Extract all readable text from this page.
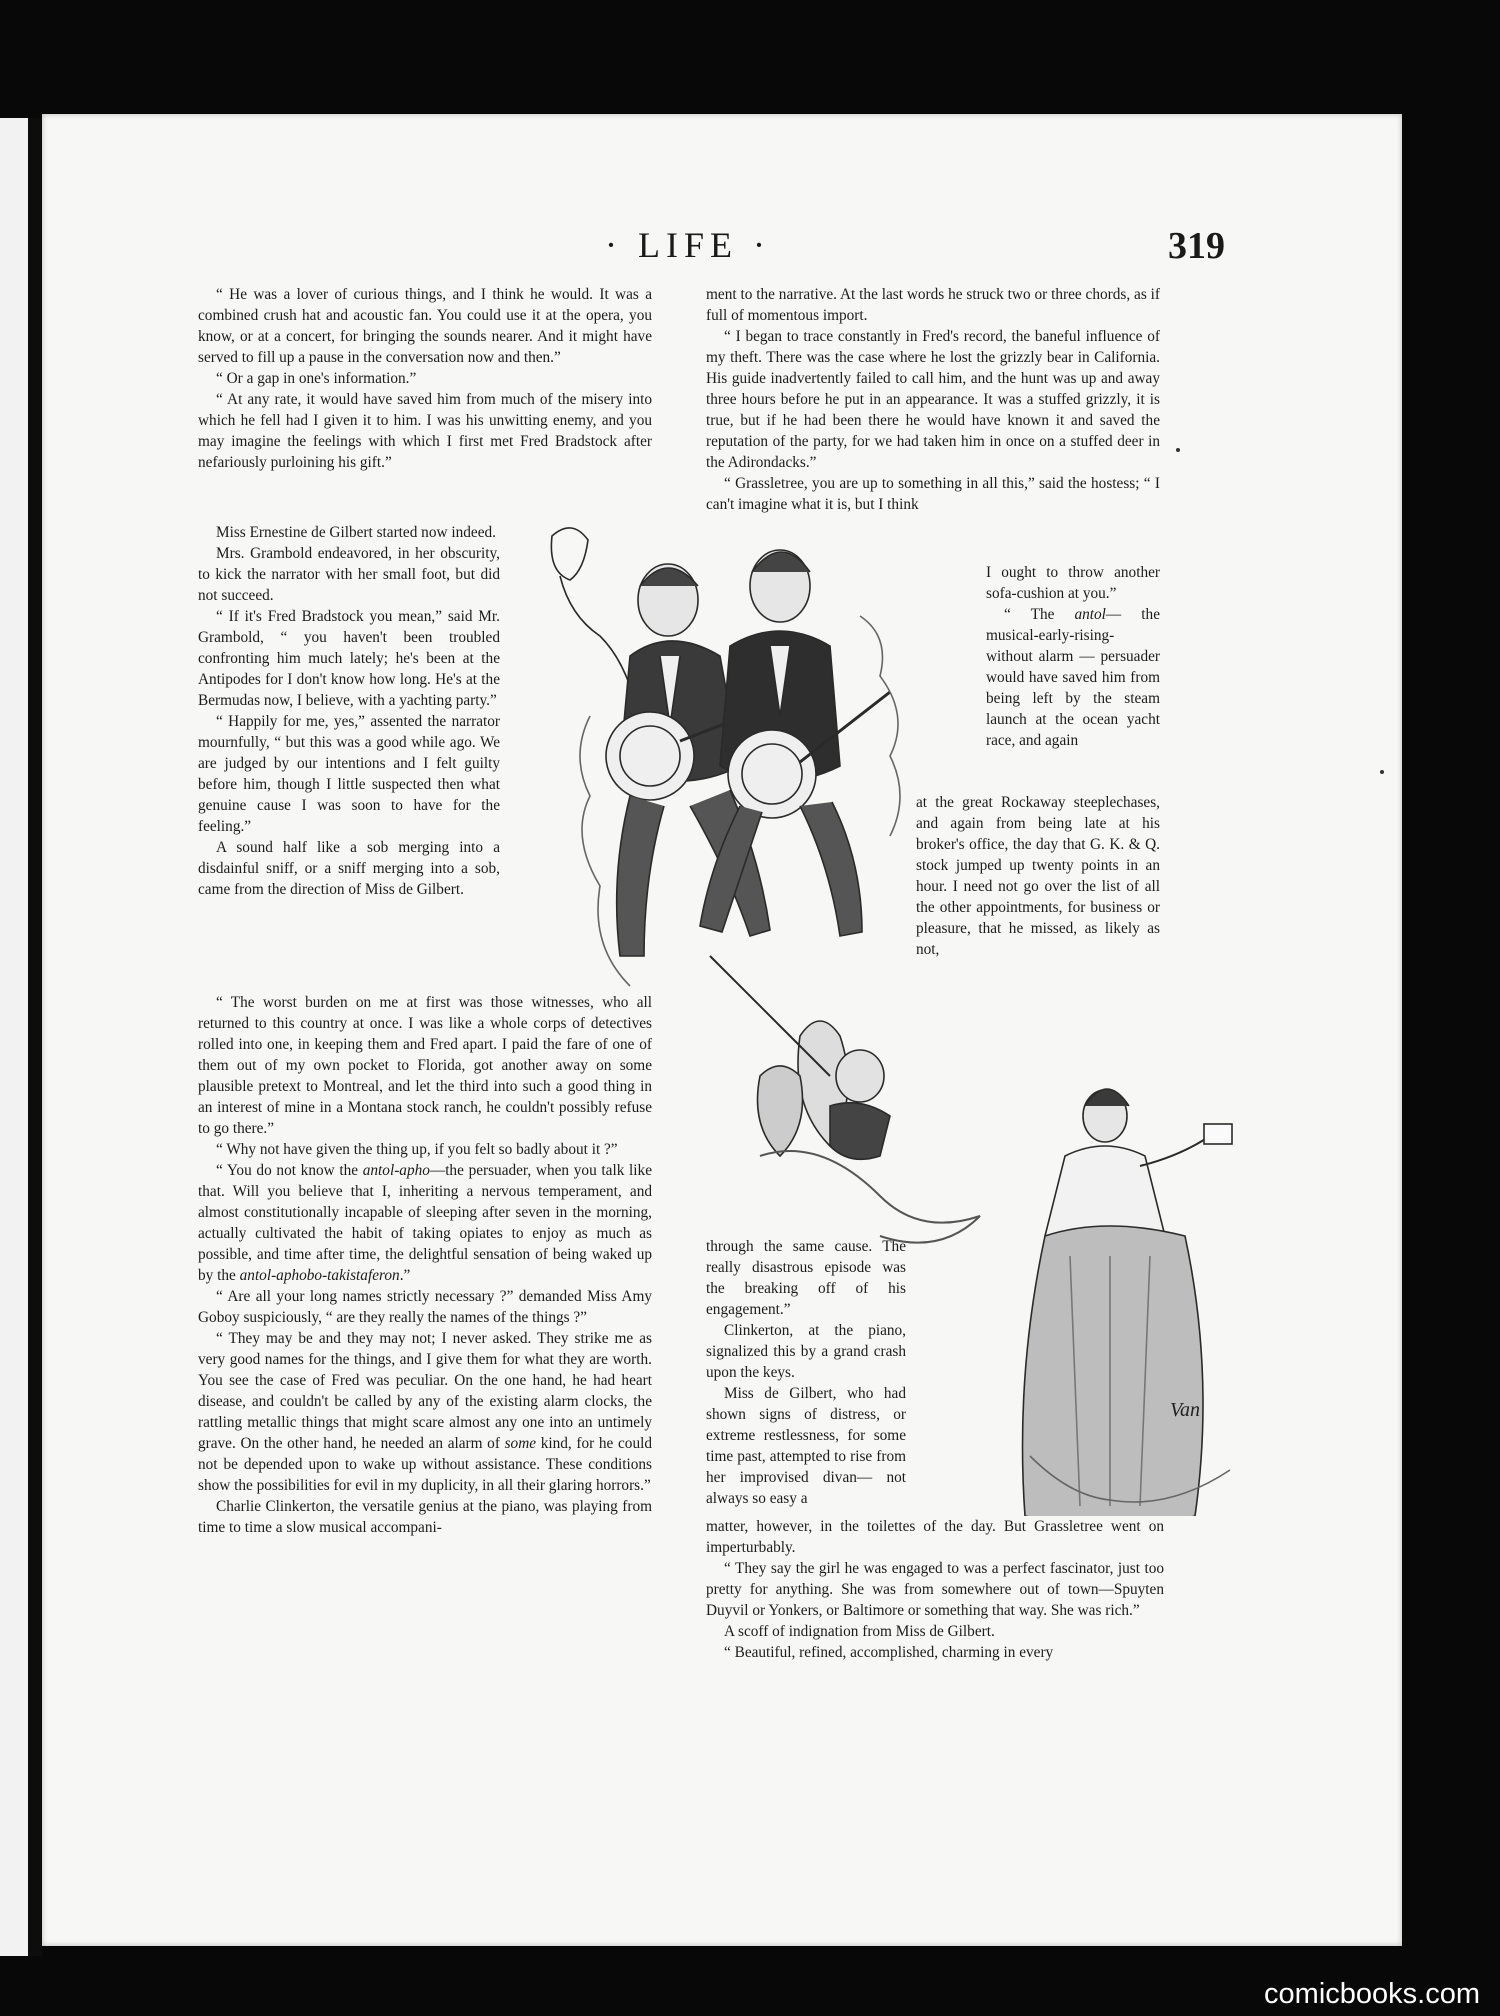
· LIFE ·	319

“ He was a lover of curious things, and I think he would. It was a combined crush hat and acoustic fan. You could use it at the opera, you know, or at a concert, for bringing the sounds nearer. And it might have served to fill up a pause in the conversation now and then.”

“ Or a gap in one's information.”

“ At any rate, it would have saved him from much of the misery into which he fell had I given it to him. I was his unwitting enemy, and you may imagine the feelings with which I first met Fred Bradstock after nefariously purloining his gift.”

Miss Ernestine de Gilbert started now indeed.

Mrs. Grambold endeavored, in her obscurity, to kick the narrator with her small foot, but did not succeed.

“ If it's Fred Bradstock you mean,” said Mr. Grambold, “ you haven't been troubled confronting him much lately; he's been at the Antipodes for I don't know how long. He's at the Bermudas now, I believe, with a yachting party.”

“ Happily for me, yes,” assented the narrator mournfully, “ but this was a good while ago. We are judged by our intentions and I felt guilty before him, though I little suspected then what genuine cause I was soon to have for the feeling.”

A sound half like a sob merging into a disdainful sniff, or a sniff merging into a sob, came from the direction of Miss de Gilbert.

“ The worst burden on me at first was those witnesses, who all returned to this country at once. I was like a whole corps of detectives rolled into one, in keeping them and Fred apart. I paid the fare of one of them out of my own pocket to Florida, got another away on some plausible pretext to Montreal, and let the third into such a good thing in an interest of mine in a Montana stock ranch, he couldn't possibly refuse to go there.”

“ Why not have given the thing up, if you felt so badly about it ?”

“ You do not know the antol-apho—the persuader, when you talk like that. Will you believe that I, inheriting a nervous temperament, and almost constitutionally incapable of sleeping after seven in the morning, actually cultivated the habit of taking opiates to enjoy as much as possible, and time after time, the delightful sensation of being waked up by the antol-aphobo-takistaferon.”

“ Are all your long names strictly necessary ?” demanded Miss Amy Goboy suspiciously, “ are they really the names of the things ?”

“ They may be and they may not; I never asked. They strike me as very good names for the things, and I give them for what they are worth. You see the case of Fred was peculiar. On the one hand, he had heart disease, and couldn't be called by any of the existing alarm clocks, the rattling metallic things that might scare almost any one into an untimely grave. On the other hand, he needed an alarm of some kind, for he could not be depended upon to wake up without assistance. These conditions show the possibilities for evil in my duplicity, in all their glaring horrors.”

Charlie Clinkerton, the versatile genius at the piano, was playing from time to time a slow musical accompani-

ment to the narrative. At the last words he struck two or three chords, as if full of momentous import.

“ I began to trace constantly in Fred's record, the baneful influence of my theft. There was the case where he lost the grizzly bear in California. His guide inadvertently failed to call him, and the hunt was up and away three hours before he put in an appearance. It was a stuffed grizzly, it is true, but if he had been there he would have known it and saved the reputation of the party, for we had taken him in once on a stuffed deer in the Adirondacks.”

“ Grassletree, you are up to something in all this,” said the hostess; “ I can't imagine what it is, but I think

I ought to throw another sofa-cushion at you.”

“ The antol— the musical-early-rising-without alarm — persuader would have saved him from being left by the steam launch at the ocean yacht race, and again

at the great Rockaway steeplechases, and again from being late at his broker's office, the day that G. K. & Q. stock jumped up twenty points in an hour. I need not go over the list of all the other appointments, for business or pleasure, that he missed, as likely as not,

through the same cause. The really disastrous episode was the breaking off of his engagement.”

Clinkerton, at the piano, signalized this by a grand crash upon the keys.

Miss de Gilbert, who had shown signs of distress, or extreme restlessness, for some time past, attempted to rise from her improvised divan— not always so easy a

matter, however, in the toilettes of the day. But Grassletree went on imperturbably.

“ They say the girl he was engaged to was a perfect fascinator, just too pretty for anything. She was from somewhere out of town—Spuyten Duyvil or Yonkers, or Baltimore or something that way. She was rich.”

A scoff of indignation from Miss de Gilbert.

“ Beautiful, refined, accomplished, charming in every

Van
comicbooks.com
